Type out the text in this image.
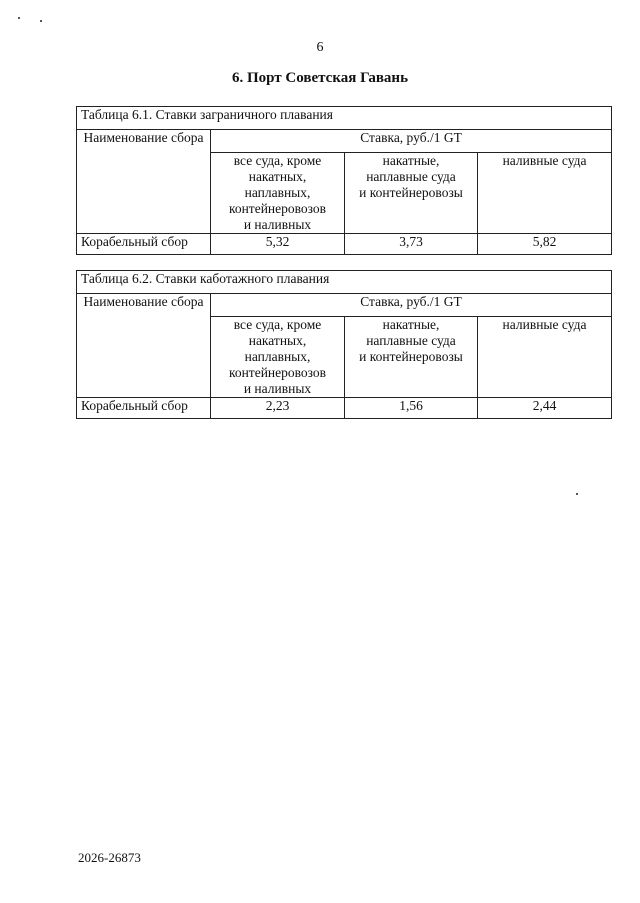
6
6. Порт Советская Гавань
Таблица 6.1. Ставки заграничного плавания			
Наименование сбора	Ставка, руб./1 GT		

	все суда, кроме
накатных,
наплавных,
контейнеровозов
и наливных	накатные,
наплавные суда
и контейнеровозы	наливные суда

Корабельный сбор	5,32	3,73	5,82
Таблица 6.2. Ставки каботажного плавания			
Наименование сбора	Ставка, руб./1 GT		

	все суда, кроме
накатных,
наплавных,
контейнеровозов
и наливных	накатные,
наплавные суда
и контейнеровозы	наливные суда

Корабельный сбор	2,23	1,56	2,44
2026-26873
